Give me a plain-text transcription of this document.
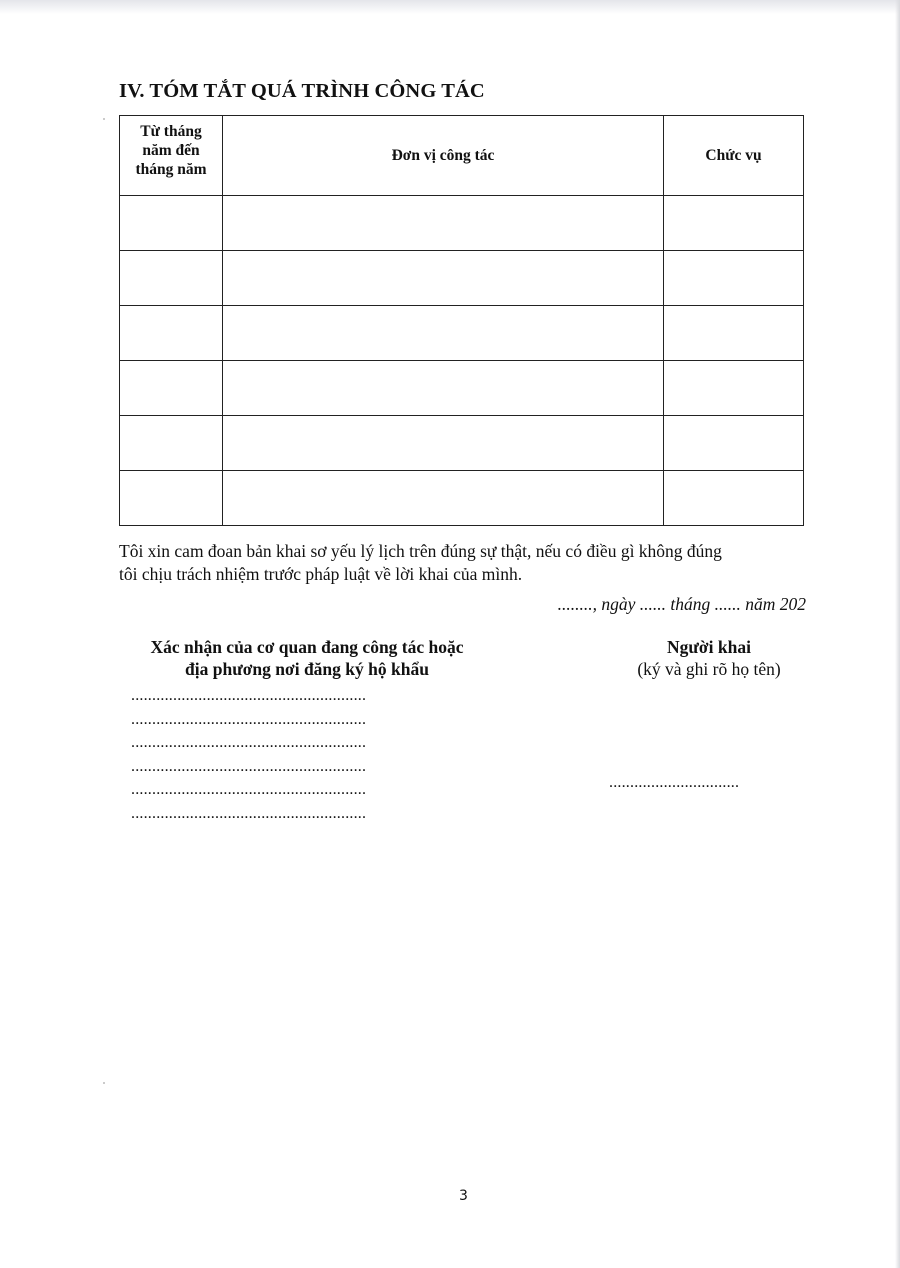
IV. TÓM TẮT QUÁ TRÌNH CÔNG TÁC
Từ tháng
năm đến
tháng năm	Đơn vị công tác	Chức vụ

Tôi xin cam đoan bản khai sơ yếu lý lịch trên đúng sự thật, nếu có điều gì không đúng
tôi chịu trách nhiệm trước pháp luật về lời khai của mình.
........, ngày ...... tháng ...... năm 202

Xác nhận của cơ quan đang công tác hoặc

địa phương nơi đăng ký hộ khẩu

........................................................
........................................................
........................................................
........................................................
........................................................
........................................................

Người khai

(ký và ghi rõ họ tên)

...............................
3
